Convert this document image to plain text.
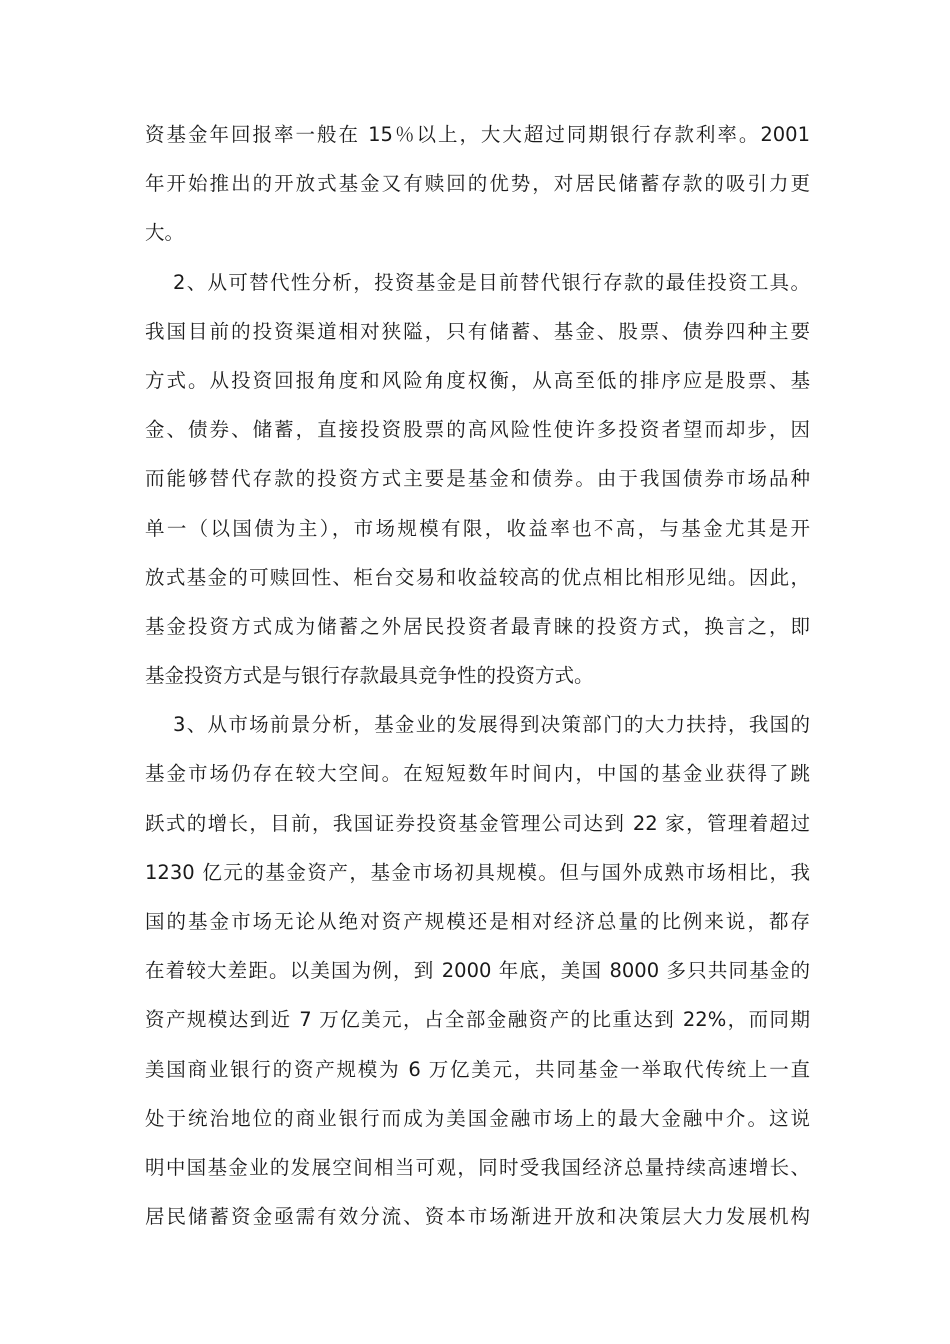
资基金年回报率一般在 15％以上，大大超过同期银行存款利率。2001
年开始推出的开放式基金又有赎回的优势，对居民储蓄存款的吸引力更
大。
2、从可替代性分析，投资基金是目前替代银行存款的最佳投资工具。
我国目前的投资渠道相对狭隘，只有储蓄、基金、股票、债券四种主要
方式。从投资回报角度和风险角度权衡，从高至低的排序应是股票、基
金、债券、储蓄，直接投资股票的高风险性使许多投资者望而却步，因
而能够替代存款的投资方式主要是基金和债券。由于我国债券市场品种
单一（以国债为主），市场规模有限，收益率也不高，与基金尤其是开
放式基金的可赎回性、柜台交易和收益较高的优点相比相形见绌。因此，
基金投资方式成为储蓄之外居民投资者最青睐的投资方式，换言之，即
基金投资方式是与银行存款最具竞争性的投资方式。
3、从市场前景分析，基金业的发展得到决策部门的大力扶持，我国的
基金市场仍存在较大空间。在短短数年时间内，中国的基金业获得了跳
跃式的增长，目前，我国证券投资基金管理公司达到 22 家，管理着超过
1230 亿元的基金资产，基金市场初具规模。但与国外成熟市场相比，我
国的基金市场无论从绝对资产规模还是相对经济总量的比例来说，都存
在着较大差距。以美国为例，到 2000 年底，美国 8000 多只共同基金的
资产规模达到近 7 万亿美元，占全部金融资产的比重达到 22%，而同期
美国商业银行的资产规模为 6 万亿美元，共同基金一举取代传统上一直
处于统治地位的商业银行而成为美国金融市场上的最大金融中介。这说
明中国基金业的发展空间相当可观，同时受我国经济总量持续高速增长、
居民储蓄资金亟需有效分流、资本市场渐进开放和决策层大力发展机构
